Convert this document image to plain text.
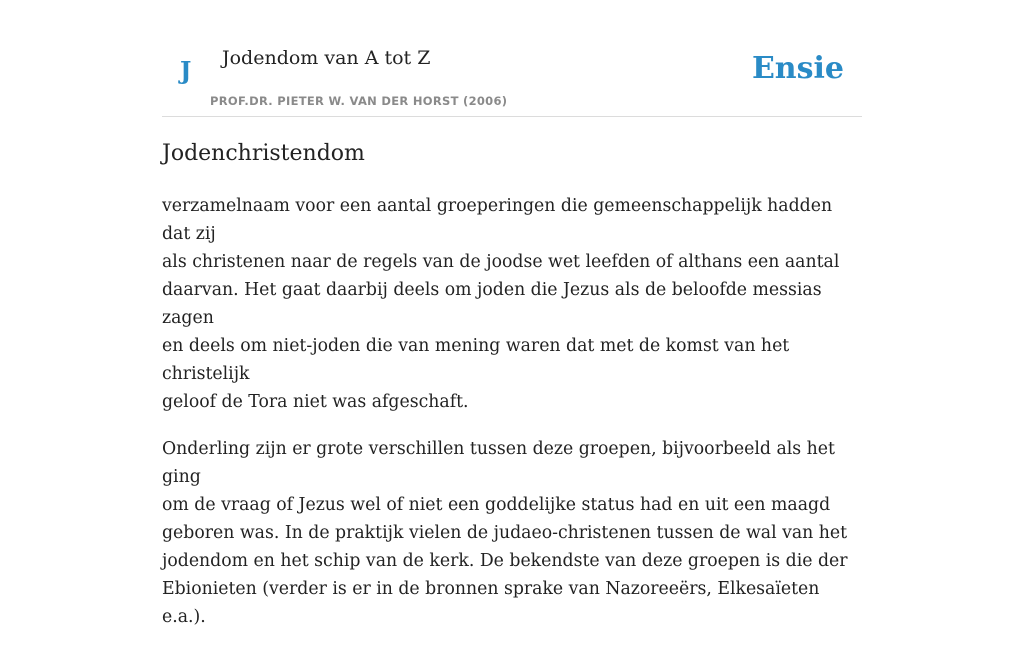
J Jodendom van A tot Z
PROF.DR. PIETER W. VAN DER HORST (2006)
Ensie
Jodenchristendom

verzamelnaam voor een aantal groeperingen die gemeenschappelijk hadden dat zij
als christenen naar de regels van de joodse wet leefden of althans een aantal
daarvan. Het gaat daarbij deels om joden die Jezus als de beloofde messias zagen
en deels om niet-joden die van mening waren dat met de komst van het christelijk
geloof de Tora niet was afgeschaft.

Onderling zijn er grote verschillen tussen deze groepen, bijvoorbeeld als het ging
om de vraag of Jezus wel of niet een goddelijke status had en uit een maagd
geboren was. In de praktijk vielen de judaeo-christenen tussen de wal van het
jodendom en het schip van de kerk. De bekendste van deze groepen is die der
Ebionieten (verder is er in de bronnen sprake van Nazoreeërs, Elkesaïeten e.a.).
